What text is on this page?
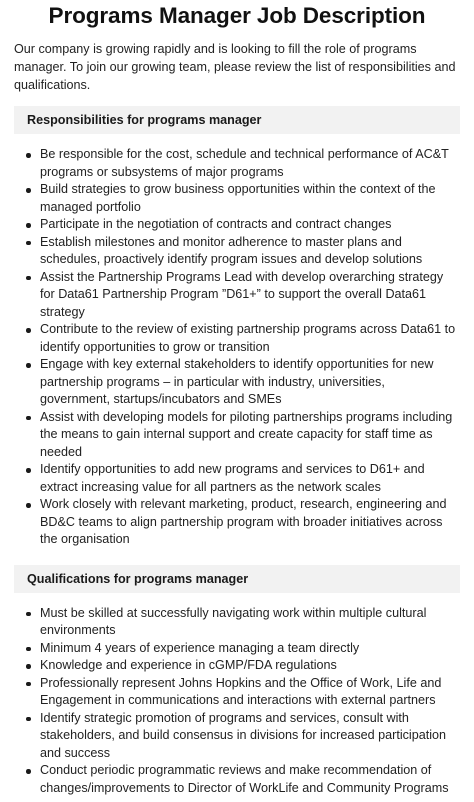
Programs Manager Job Description

Our company is growing rapidly and is looking to fill the role of programs manager. To join our growing team, please review the list of responsibilities and qualifications.

Responsibilities for programs manager
Be responsible for the cost, schedule and technical performance of AC&T programs or subsystems of major programs
Build strategies to grow business opportunities within the context of the managed portfolio
Participate in the negotiation of contracts and contract changes
Establish milestones and monitor adherence to master plans and schedules, proactively identify program issues and develop solutions
Assist the Partnership Programs Lead with develop overarching strategy for Data61 Partnership Program ”D61+” to support the overall Data61 strategy
Contribute to the review of existing partnership programs across Data61 to identify opportunities to grow or transition
Engage with key external stakeholders to identify opportunities for new partnership programs – in particular with industry, universities, government, startups/incubators and SMEs
Assist with developing models for piloting partnerships programs including the means to gain internal support and create capacity for staff time as needed
Identify opportunities to add new programs and services to D61+ and extract increasing value for all partners as the network scales
Work closely with relevant marketing, product, research, engineering and BD&C teams to align partnership program with broader initiatives across the organisation
Qualifications for programs manager
Must be skilled at successfully navigating work within multiple cultural environments
Minimum 4 years of experience managing a team directly
Knowledge and experience in cGMP/FDA regulations
Professionally represent Johns Hopkins and the Office of Work, Life and Engagement in communications and interactions with external partners
Identify strategic promotion of programs and services, consult with stakeholders, and build consensus in divisions for increased participation and success
Conduct periodic programmatic reviews and make recommendation of changes/improvements to Director of WorkLife and Community Programs
